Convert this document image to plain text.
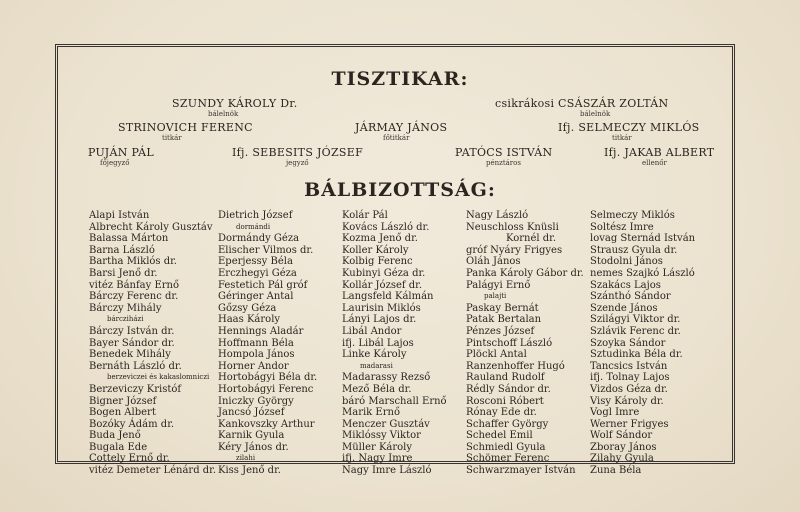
TISZTIKAR:
SZUNDY KÁROLY Dr.
bálelnök
csikrákosi CSÁSZÁR ZOLTÁN
bálelnök
STRINOVICH FERENC
titkár
JÁRMAY JÁNOS
főtitkár
Ifj. SELMECZY MIKLÓS
titkár
PUJÁN PÁL
főjegyző
Ifj. SEBESITS JÓZSEF
jegyző
PATÓCS ISTVÁN
pénztáros
Ifj. JAKAB ALBERT
ellenőr
BÁLBIZOTTSÁG:
Alapi István
Albrecht Károly Gusztáv
Balassa Márton
Barna László
Bartha Miklós dr.
Barsi Jenő dr.
vitéz Bánfay Ernő
Bárczy Ferenc dr.
Bárczy Mihály
bárcziházi
Bárczy István dr.
Bayer Sándor dr.
Benedek Mihály
Bernáth László dr.
berzeviczei és kakaslomniczi
Berzeviczy Kristóf
Bigner József
Bogen Albert
Bozóky Ádám dr.
Buda Jenő
Bugala Ede
Cottely Ernő dr.
vitéz Demeter Lénárd dr.
Dietrich József
dormándi
Dormándy Géza
Elischer Vilmos dr.
Eperjessy Béla
Erczhegyi Géza
Festetich Pál gróf
Géringer Antal
Gőzsy Géza
Haas Károly
Hennings Aladár
Hoffmann Béla
Hompola János
Horner Andor
Hortobágyi Béla dr.
Hortobágyi Ferenc
Iniczky György
Jancsó József
Kankovszky Arthur
Karnik Gyula
Kéry János dr.
zilahi
Kiss Jenő dr.
Kolár Pál
Kovács László dr.
Kozma Jenő dr.
Koller Károly
Kolbig Ferenc
Kubinyi Géza dr.
Kollár József dr.
Langsfeld Kálmán
Laurisin Miklós
Lányi Lajos dr.
Libál Andor
ifj. Libál Lajos
Linke Károly
madarasi
Madarassy Rezső
Mező Béla dr.
báró Marschall Ernő
Marik Ernő
Menczer Gusztáv
Miklóssy Viktor
Müller Károly
ifj. Nagy Imre
Nagy Imre László
Nagy László
Neuschloss Knüsli
Kornél dr.
gróf Nyáry Frigyes
Oláh János
Panka Károly Gábor dr.
Palágyi Ernő
palajti
Paskay Bernát
Patak Bertalan
Pénzes József
Pintschoff László
Plöckl Antal
Ranzenhoffer Hugó
Rauland Rudolf
Rédly Sándor dr.
Rosconi Róbert
Rónay Ede dr.
Schaffer György
Schedel Emil
Schmiedl Gyula
Schömer Ferenc
Schwarzmayer István
Selmeczy Miklós
Soltész Imre
lovag Sternád István
Strausz Gyula dr.
Stodolni János
nemes Szajkó László
Szakács Lajos
Szánthó Sándor
Szende János
Szilágyi Viktor dr.
Szlávik Ferenc dr.
Szoyka Sándor
Sztudinka Béla dr.
Tancsics István
ifj. Tolnay Lajos
Vizdos Géza dr.
Visy Károly dr.
Vogl Imre
Werner Frigyes
Wolf Sándor
Zboray János
Zilahy Gyula
Zuna Béla
